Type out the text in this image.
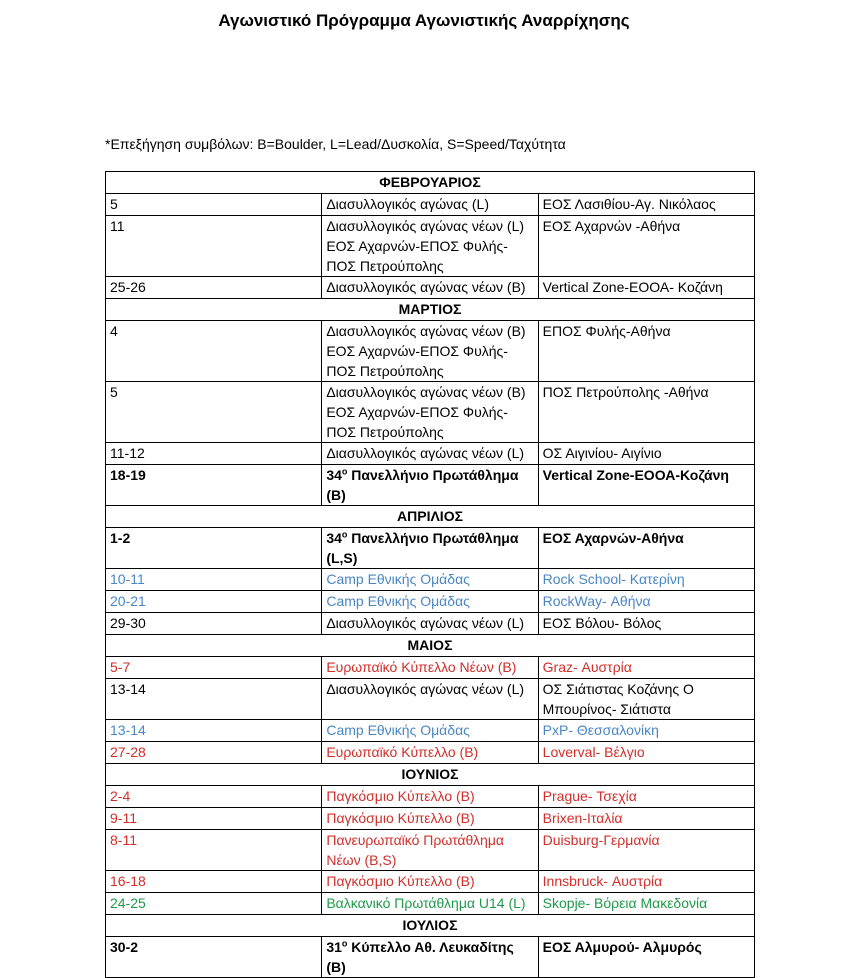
Αγωνιστικό Πρόγραμμα Αγωνιστικής Αναρρίχησης
*Επεξήγηση συμβόλων: B=Boulder, L=Lead/Δυσκολία, S=Speed/Ταχύτητα
ΦΕΒΡΟΥΑΡΙΟΣ		
5	Διασυλλογικός αγώνας (L)	ΕΟΣ Λασιθίου-Αγ. Νικόλαος
11	Διασυλλογικός αγώνας νέων (L) ΕΟΣ Αχαρνών-ΕΠΟΣ Φυλής- ΠΟΣ Πετρούπολης	ΕΟΣ Αχαρνών -Αθήνα
25-26	Διασυλλογικός αγώνας νέων (B)	Vertical Zone-ΕΟΟΑ- Κοζάνη
ΜΑΡΤΙΟΣ		
4	Διασυλλογικός αγώνας νέων (B) ΕΟΣ Αχαρνών-ΕΠΟΣ Φυλής- ΠΟΣ Πετρούπολης	ΕΠΟΣ Φυλής-Αθήνα
5	Διασυλλογικός αγώνας νέων (B) ΕΟΣ Αχαρνών-ΕΠΟΣ Φυλής- ΠΟΣ Πετρούπολης	ΠΟΣ Πετρούπολης -Αθήνα
11-12	Διασυλλογικός αγώνας νέων (L)	ΟΣ Αιγινίου- Αιγίνιο
18-19	$34^o$ Πανελλήνιο Πρωτάθλημα (B)	Vertical Zone-ΕΟΟΑ-Κοζάνη
ΑΠΡΙΛΙΟΣ		
1-2	$34^o$ Πανελλήνιο Πρωτάθλημα (L,S)	ΕΟΣ Αχαρνών-Αθήνα
10-11	Camp Εθνικής Ομάδας	Rock School- Κατερίνη
20-21	Camp Εθνικής Ομάδας	RockWay- Αθήνα
29-30	Διασυλλογικός αγώνας νέων (L)	ΕΟΣ Βόλου- Βόλος
ΜΑΙΟΣ		
5-7	Ευρωπαϊκό Κύπελλο Νέων (B)	Graz- Αυστρία
13-14	Διασυλλογικός αγώνας νέων (L)	ΟΣ Σιάτιστας Κοζάνης Ο Μπουρίνος- Σιάτιστα
13-14	Camp Εθνικής Ομάδας	PxP- Θεσσαλονίκη
27-28	Ευρωπαϊκό Κύπελλο (B)	Loverval- Βέλγιο
ΙΟΥΝΙΟΣ		
2-4	Παγκόσμιο Κύπελλο (B)	Prague- Τσεχία
9-11	Παγκόσμιο Κύπελλο (B)	Brixen-Ιταλία
8-11	Πανευρωπαϊκό Πρωτάθλημα Νέων (B,S)	Duisburg-Γερμανία
16-18	Παγκόσμιο Κύπελλο (B)	Innsbruck- Αυστρία
24-25	Βαλκανικό Πρωτάθλημα U14 (L)	Skopje- Βόρεια Μακεδονία
ΙΟΥΛΙΟΣ		
30-2	$31^o$ Κύπελλο Αθ. Λευκαδίτης (B)	ΕΟΣ Αλμυρού- Αλμυρός
